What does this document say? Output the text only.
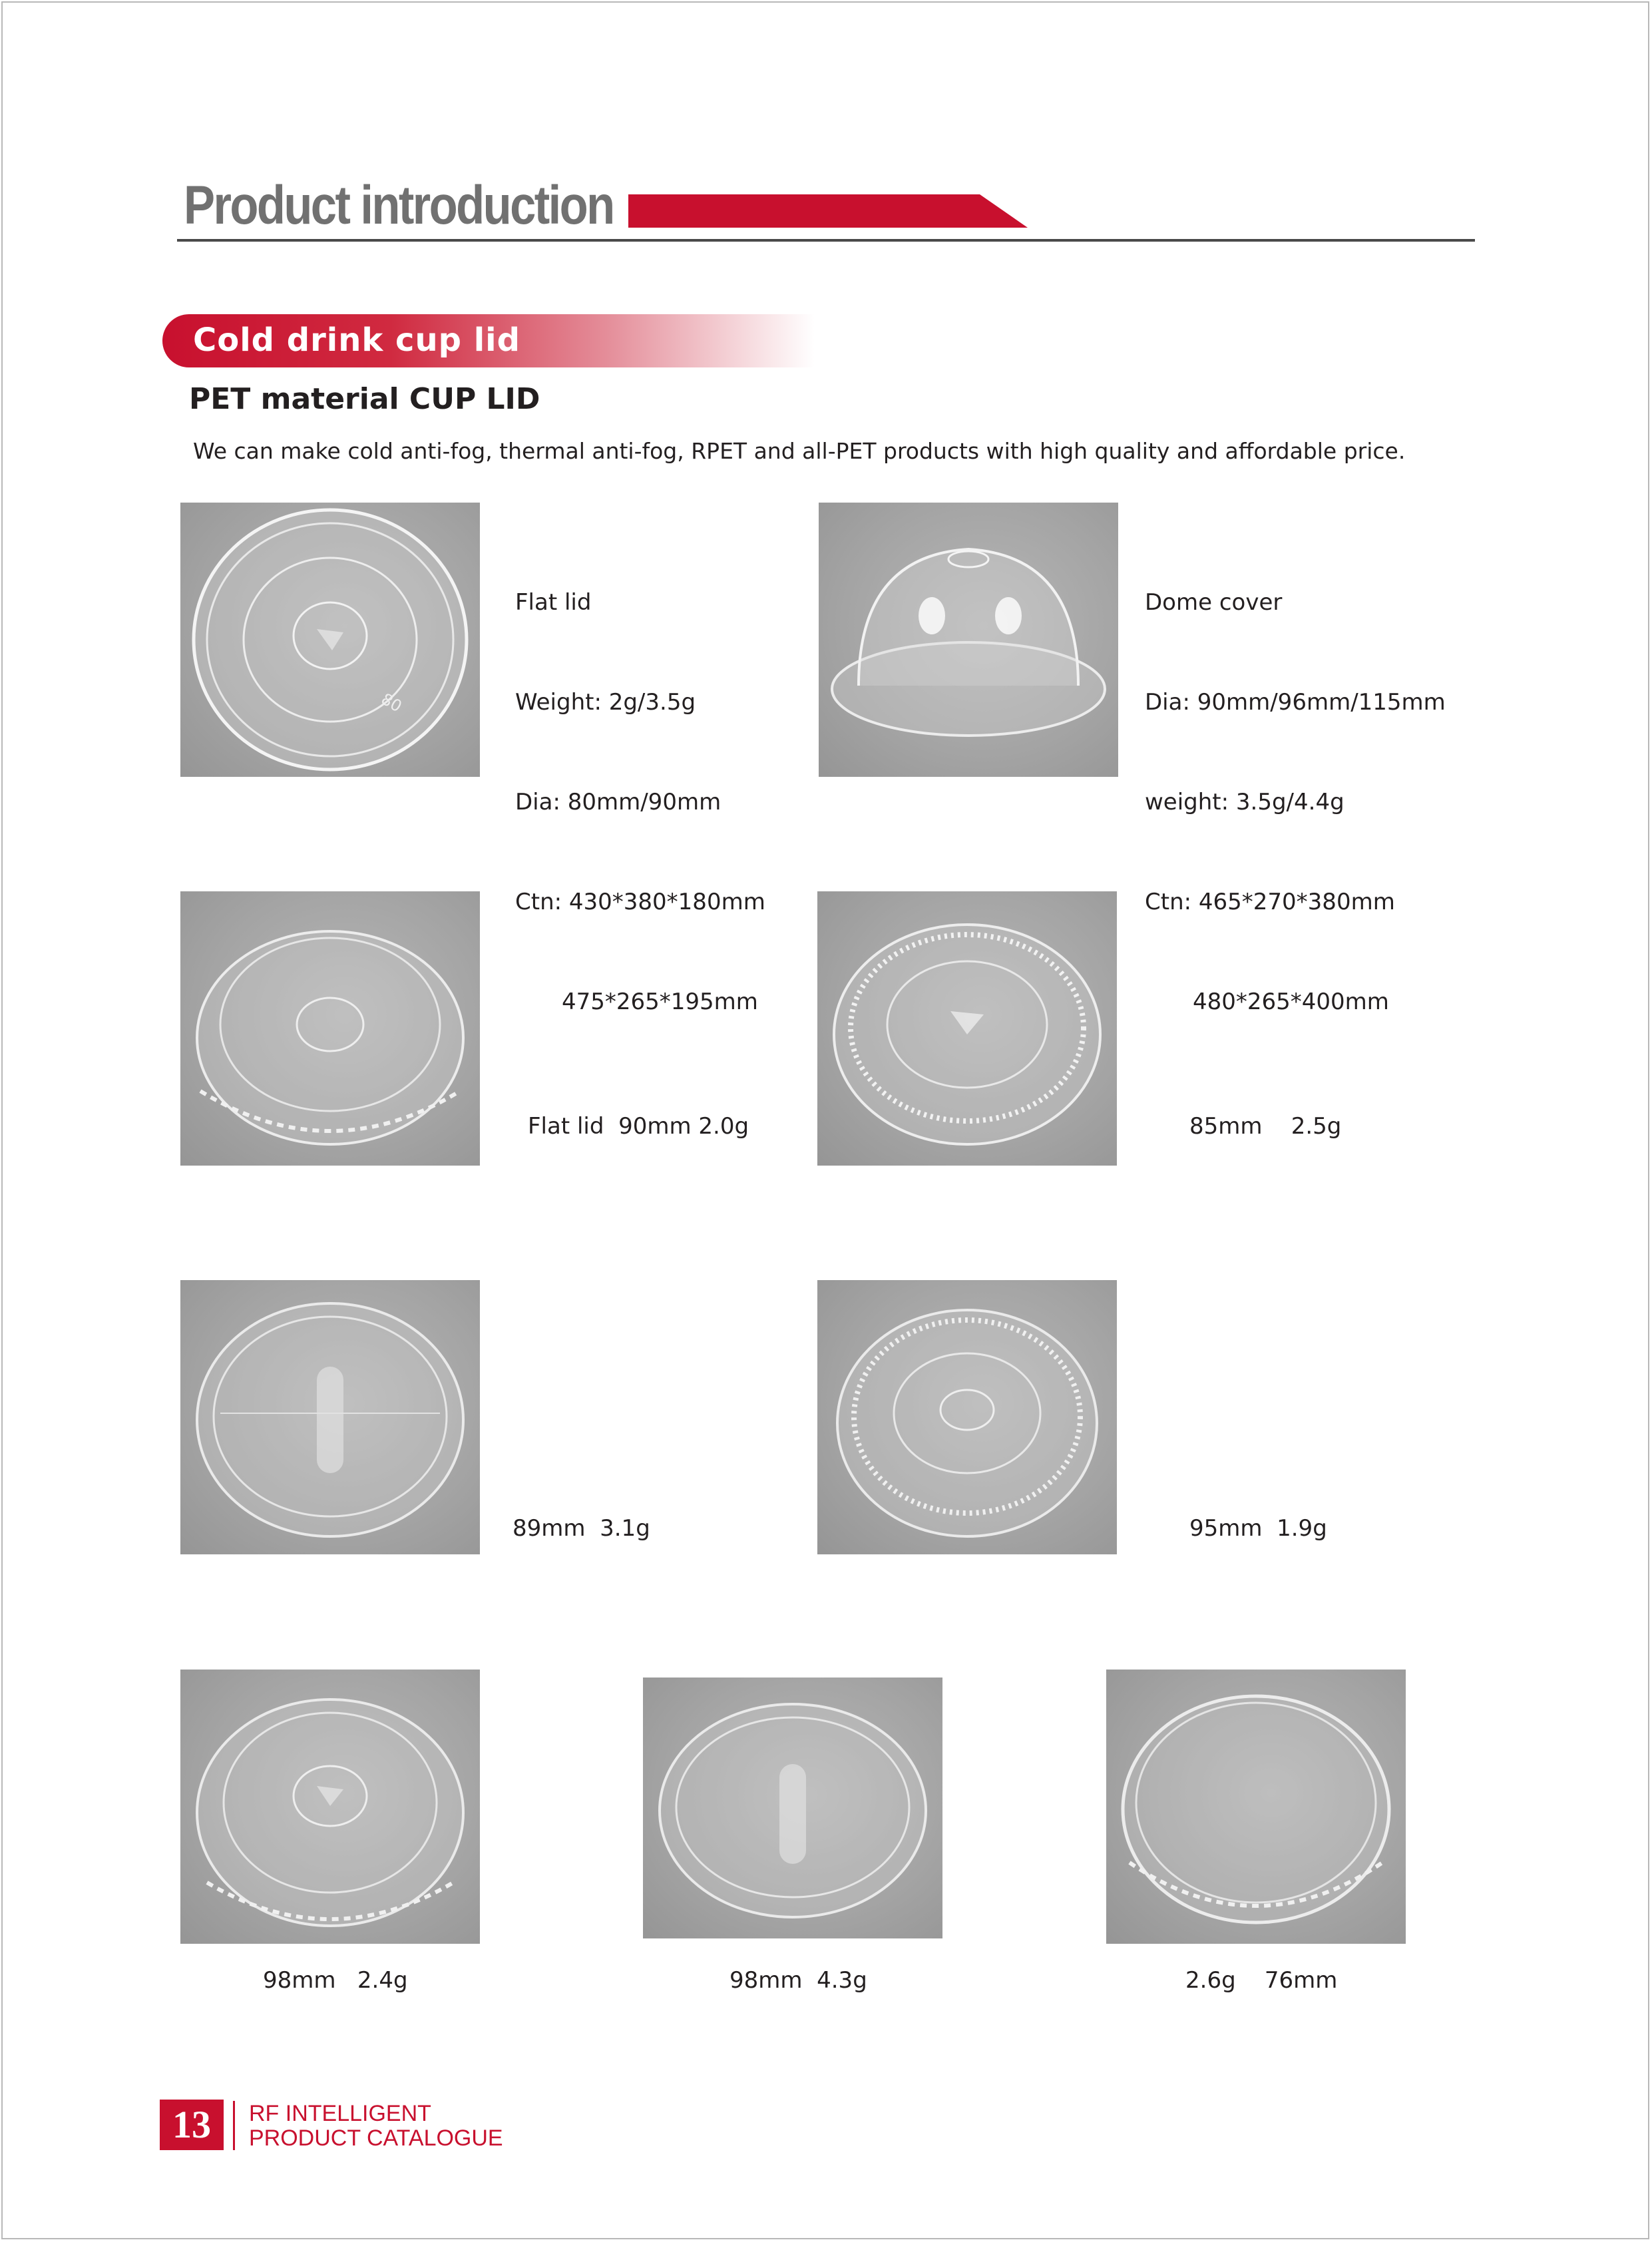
Product introduction
Cold drink cup lid
PET material CUP LID
We can make cold anti-fog, thermal anti-fog, RPET and all-PET products with high quality and affordable price.
80

Flat lid

Weight: 2g/3.5g

Dia: 80mm/90mm

Ctn: 430*380*180mm

475*265*195mm

Dome cover

Dia: 90mm/96mm/115mm

weight: 3.5g/4.4g

Ctn: 465*270*380mm

480*265*400mm

Flat lid  90mm 2.0g	85mm    2.5g
89mm  3.1g	95mm  1.9g
98mm   2.4g	98mm  4.3g	2.6g    76mm
13	RF INTELLIGENT
PRODUCT CATALOGUE
